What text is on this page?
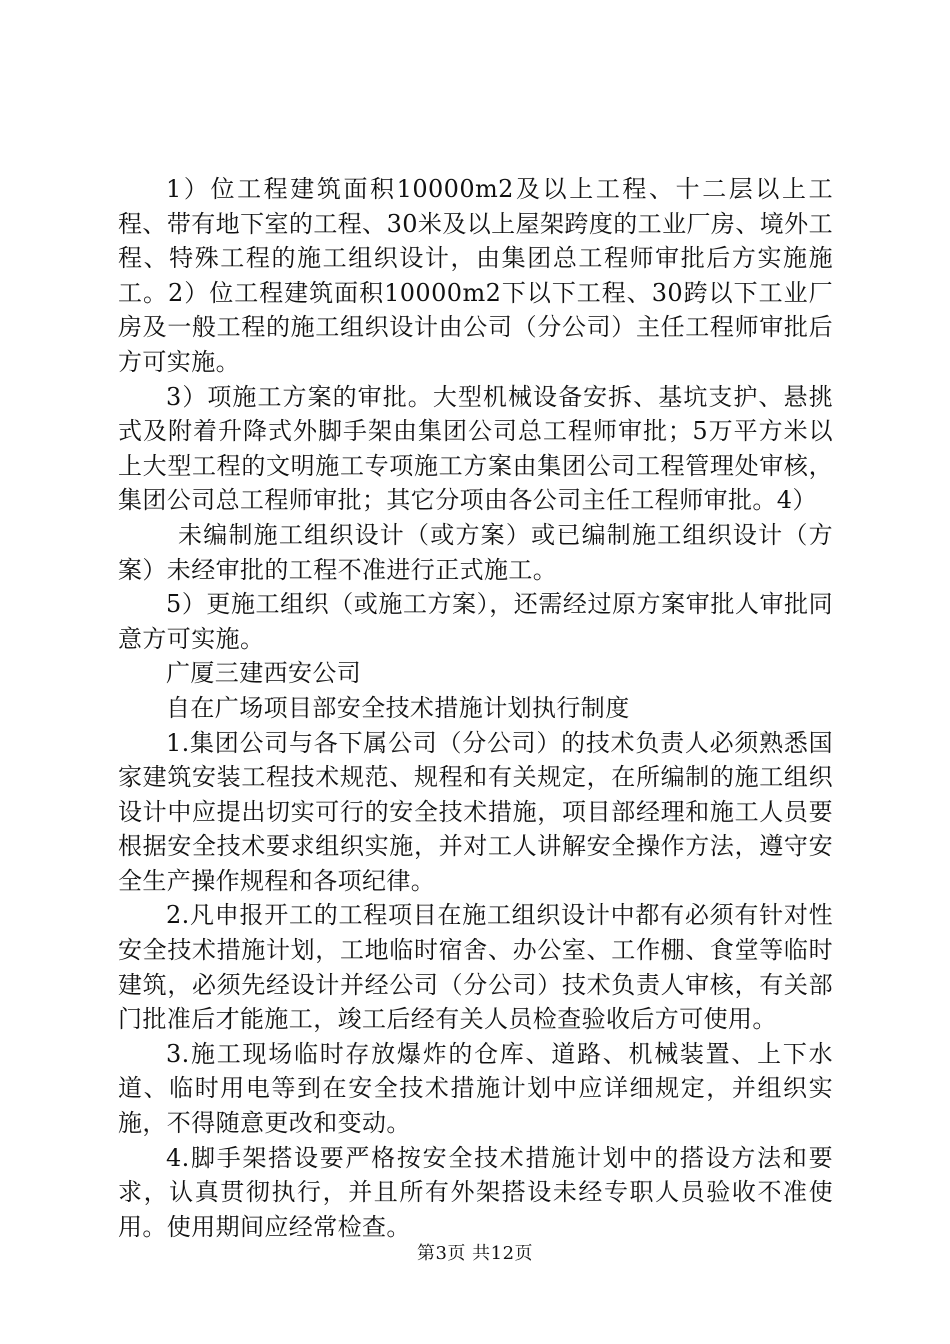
1）位工程建筑面积10000m2及以上工程、十二层以上工程、带有地下室的工程、30米及以上屋架跨度的工业厂房、境外工程、特殊工程的施工组织设计，由集团总工程师审批后方实施施工。2）位工程建筑面积10000m2下以下工程、30跨以下工业厂房及一般工程的施工组织设计由公司（分公司）主任工程师审批后方可实施。

3）项施工方案的审批。大型机械设备安拆、基坑支护、悬挑式及附着升降式外脚手架由集团公司总工程师审批；5万平方米以上大型工程的文明施工专项施工方案由集团公司工程管理处审核，集团公司总工程师审批；其它分项由各公司主任工程师审批。4）

未编制施工组织设计（或方案）或已编制施工组织设计（方案）未经审批的工程不准进行正式施工。

5）更施工组织（或施工方案），还需经过原方案审批人审批同意方可实施。

广厦三建西安公司

自在广场项目部安全技术措施计划执行制度

1.集团公司与各下属公司（分公司）的技术负责人必须熟悉国家建筑安装工程技术规范、规程和有关规定，在所编制的施工组织设计中应提出切实可行的安全技术措施，项目部经理和施工人员要根据安全技术要求组织实施，并对工人讲解安全操作方法，遵守安全生产操作规程和各项纪律。

2.凡申报开工的工程项目在施工组织设计中都有必须有针对性安全技术措施计划，工地临时宿舍、办公室、工作棚、食堂等临时建筑，必须先经设计并经公司（分公司）技术负责人审核，有关部门批准后才能施工，竣工后经有关人员检查验收后方可使用。

3.施工现场临时存放爆炸的仓库、道路、机械装置、上下水道、临时用电等到在安全技术措施计划中应详细规定，并组织实施，不得随意更改和变动。

4.脚手架搭设要严格按安全技术措施计划中的搭设方法和要求，认真贯彻执行，并且所有外架搭设未经专职人员验收不准使用。使用期间应经常检查。

第3页 共12页
